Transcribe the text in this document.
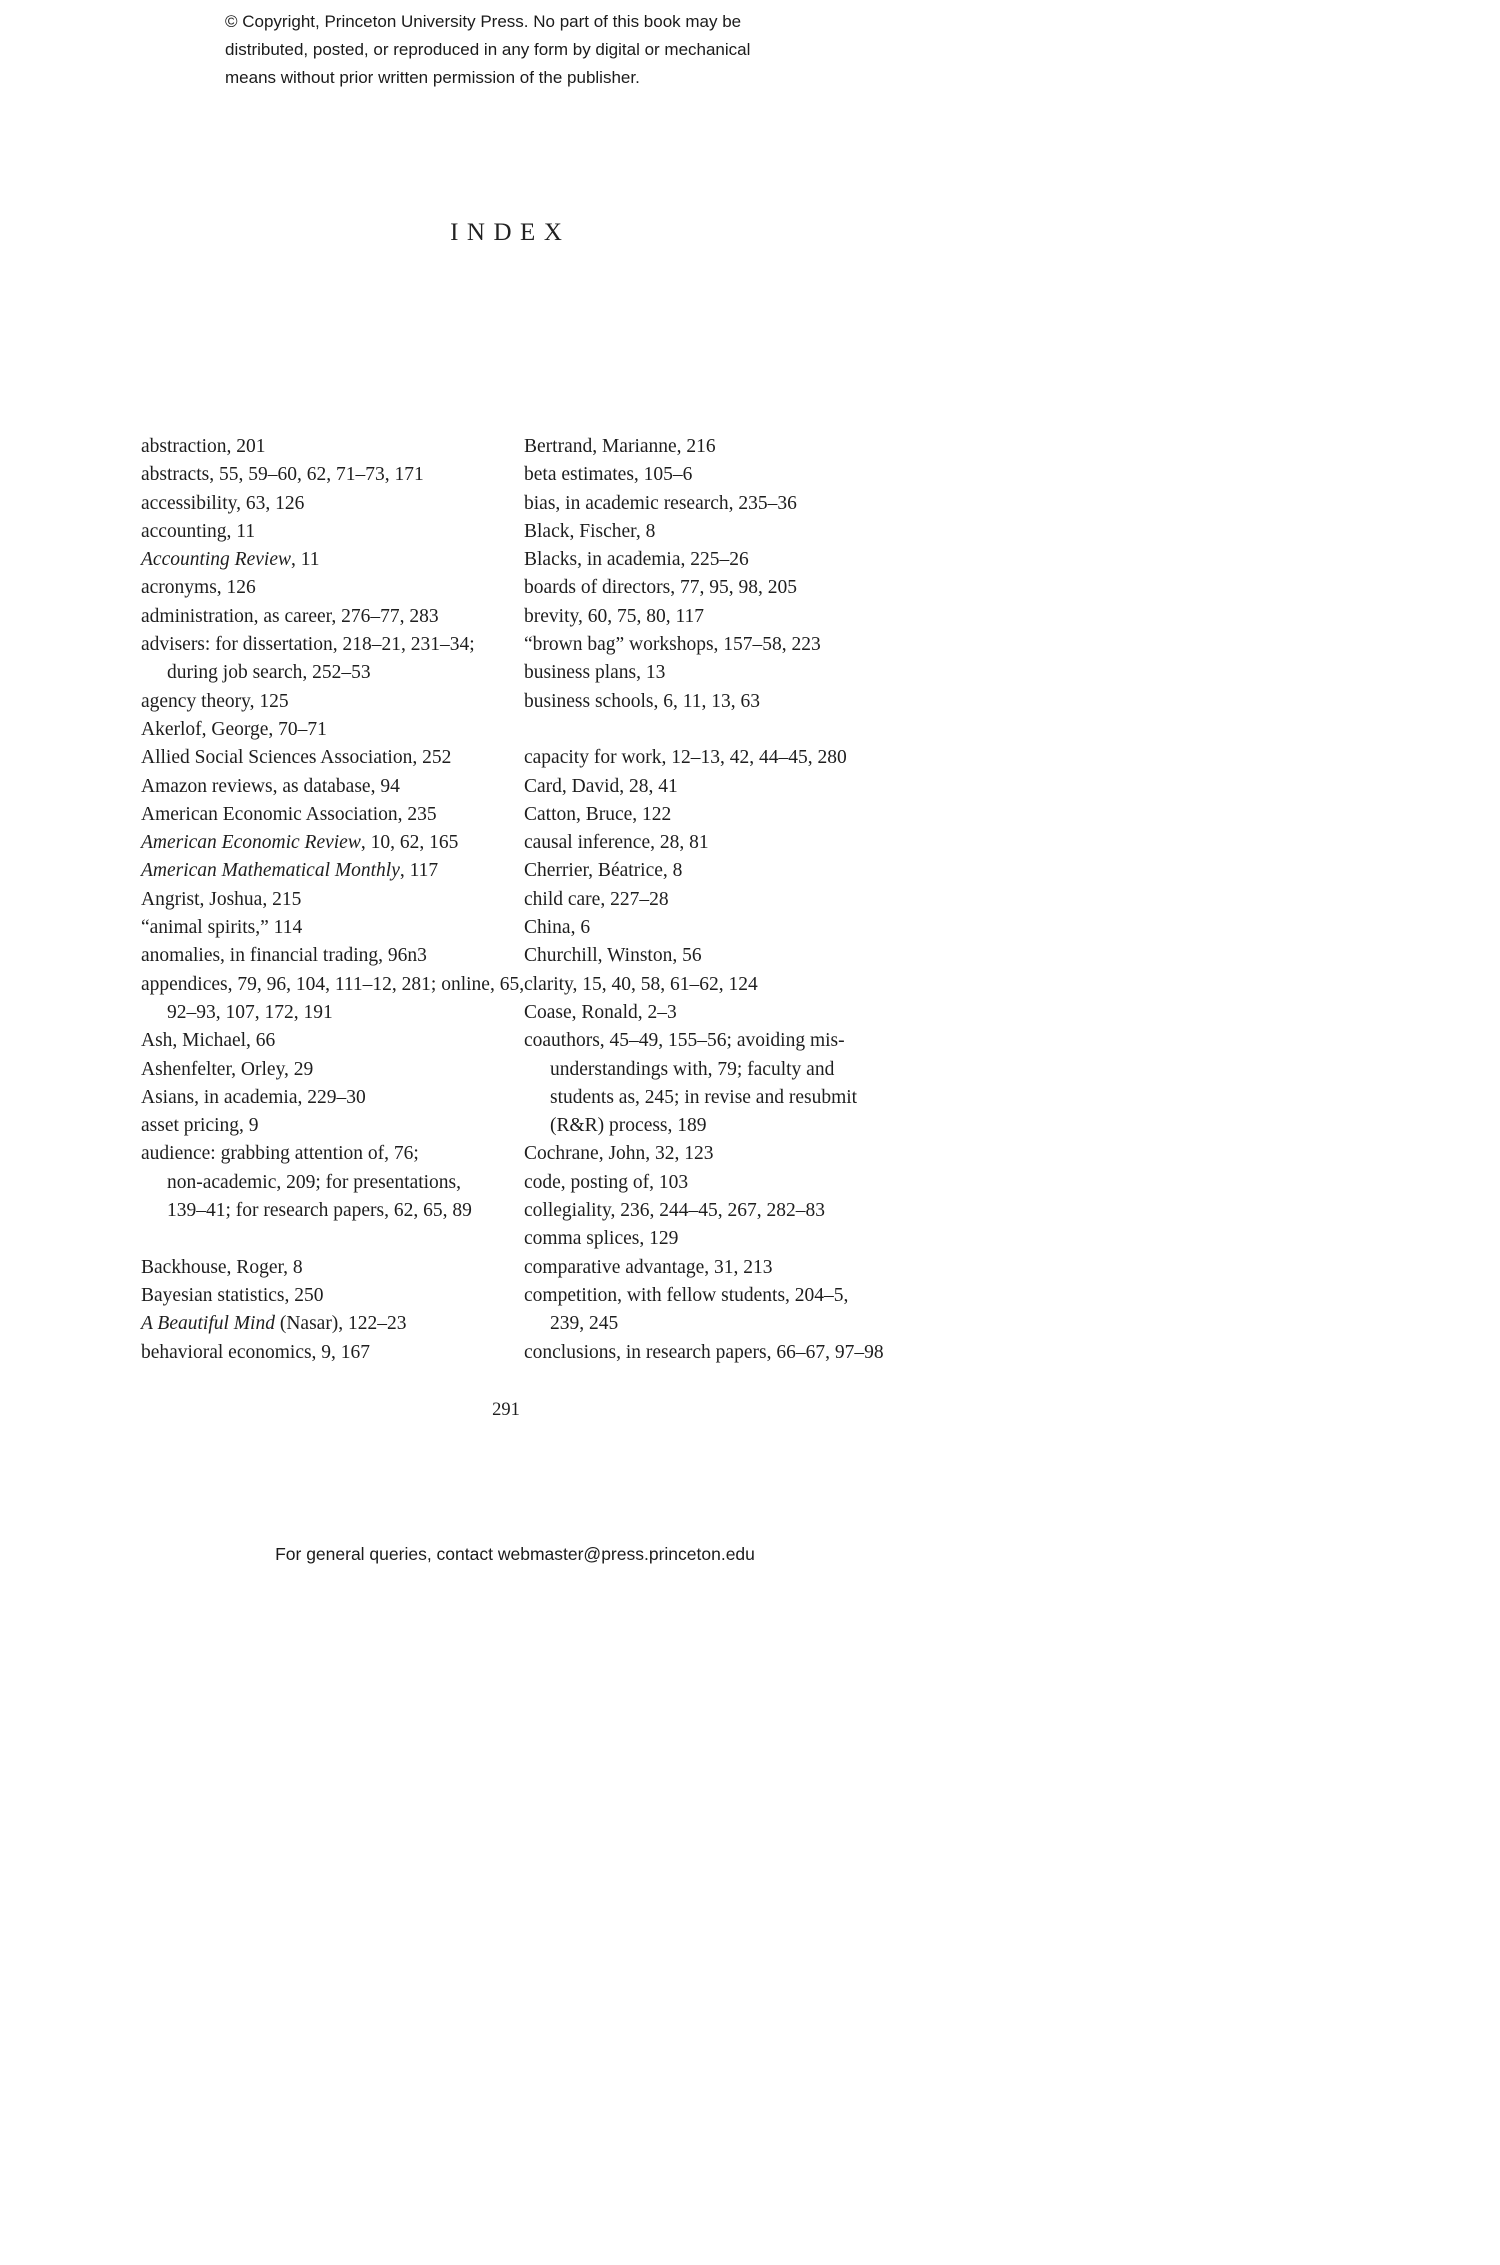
© Copyright, Princeton University Press. No part of this book may be
distributed, posted, or reproduced in any form by digital or mechanical
means without prior written permission of the publisher.
INDEX
abstraction, 201
abstracts, 55, 59–60, 62, 71–73, 171
accessibility, 63, 126
accounting, 11
Accounting Review, 11
acronyms, 126
administration, as career, 276–77, 283
advisers: for dissertation, 218–21, 231–34;
during job search, 252–53
agency theory, 125
Akerlof, George, 70–71
Allied Social Sciences Association, 252
Amazon reviews, as database, 94
American Economic Association, 235
American Economic Review, 10, 62, 165
American Mathematical Monthly, 117
Angrist, Joshua, 215
“animal spirits,” 114
anomalies, in financial trading, 96n3
appendices, 79, 96, 104, 111–12, 281; online, 65,
92–93, 107, 172, 191
Ash, Michael, 66
Ashenfelter, Orley, 29
Asians, in academia, 229–30
asset pricing, 9
audience: grabbing attention of, 76;
non-academic, 209; for presentations,
139–41; for research papers, 62, 65, 89
Backhouse, Roger, 8
Bayesian statistics, 250
A Beautiful Mind (Nasar), 122–23
behavioral economics, 9, 167
Bertrand, Marianne, 216
beta estimates, 105–6
bias, in academic research, 235–36
Black, Fischer, 8
Blacks, in academia, 225–26
boards of directors, 77, 95, 98, 205
brevity, 60, 75, 80, 117
“brown bag” workshops, 157–58, 223
business plans, 13
business schools, 6, 11, 13, 63
capacity for work, 12–13, 42, 44–45, 280
Card, David, 28, 41
Catton, Bruce, 122
causal inference, 28, 81
Cherrier, Béatrice, 8
child care, 227–28
China, 6
Churchill, Winston, 56
clarity, 15, 40, 58, 61–62, 124
Coase, Ronald, 2–3
coauthors, 45–49, 155–56; avoiding mis-
understandings with, 79; faculty and
students as, 245; in revise and resubmit
(R&R) process, 189
Cochrane, John, 32, 123
code, posting of, 103
collegiality, 236, 244–45, 267, 282–83
comma splices, 129
comparative advantage, 31, 213
competition, with fellow students, 204–5,
239, 245
conclusions, in research papers, 66–67, 97–98
291
For general queries, contact webmaster@press.princeton.edu
